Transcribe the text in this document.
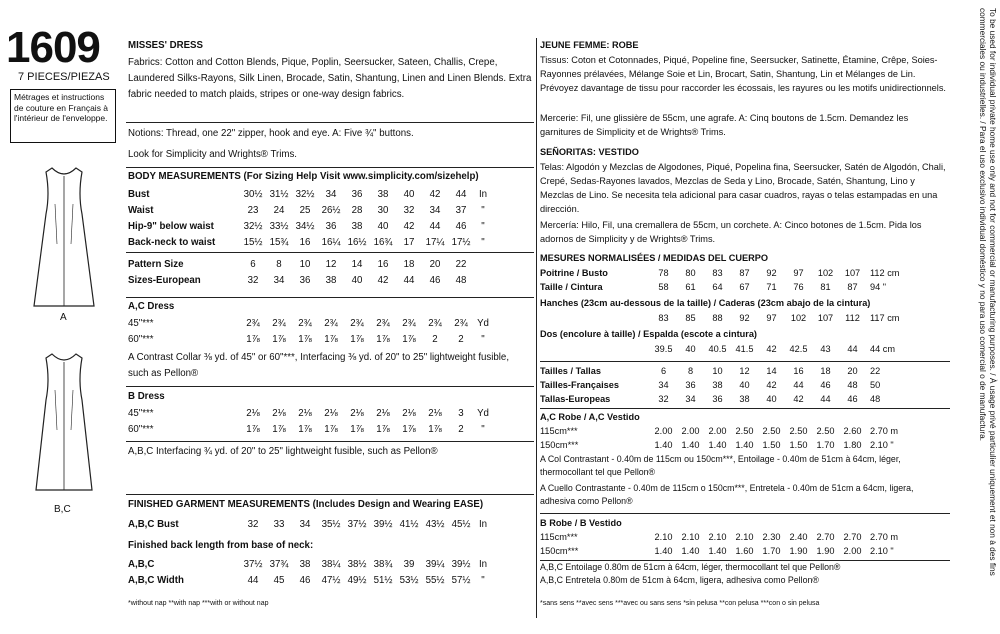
1609
7 PIECES/PIEZAS
Métrages et instructions de couture en Français à l'intérieur de l'enveloppe.
A
B,C
MISSES' DRESS
Fabrics: Cotton and Cotton Blends, Pique, Poplin, Seersucker, Sateen, Challis, Crepe, Laundered Silks-Rayons, Silk Linen, Brocade, Satin, Shantung, Linen and Linen Blends. Extra fabric needed to match plaids, stripes or one-way design fabrics.
Notions: Thread, one 22" zipper, hook and eye. A: Five ¾" buttons.
Look for Simplicity and Wrights® Trims.
BODY MEASUREMENTS (For Sizing Help Visit www.simplicity.com/sizehelp)
Bust	30½	31½	32½	34	36	38	40	42	44	In
Waist	23	24	25	26½	28	30	32	34	37	"
Hip-9" below waist	32½	33½	34½	36	38	40	42	44	46	"
Back-neck to waist	15½	15¾	16	16¼	16½	16¾	17	17¼	17½	"
Pattern Size	6	8	10	12	14	16	18	20	22	
Sizes-European	32	34	36	38	40	42	44	46	48	
A,C Dress
45"***	2¾	2¾	2¾	2¾	2¾	2¾	2¾	2¾	2¾	Yd
60"***	1⅞	1⅞	1⅞	1⅞	1⅞	1⅞	1⅞	2	2	"
A Contrast Collar ⅜ yd. of 45" or 60"***, Interfacing ⅜ yd. of 20" to 25" lightweight fusible, such as Pellon®
B Dress
45"***	2⅛	2⅛	2⅛	2⅛	2⅛	2⅛	2⅛	2⅛	3	Yd
60"***	1⅞	1⅞	1⅞	1⅞	1⅞	1⅞	1⅞	1⅞	2	"
A,B,C Interfacing ¾ yd. of 20" to 25" lightweight fusible, such as Pellon®
FINISHED GARMENT MEASUREMENTS (Includes Design and Wearing EASE)
A,B,C Bust	32	33	34	35½	37½	39½	41½	43½	45½	In
Finished back length from base of neck:
A,B,C	37½	37¾	38	38¼	38½	38¾	39	39¼	39½	In
A,B,C Width	44	45	46	47½	49½	51½	53½	55½	57½	"
*without nap **with nap ***with or without nap
JEUNE FEMME: ROBE
Tissus: Coton et Cotonnades, Piqué, Popeline fine, Seersucker, Satinette, Étamine, Crêpe, Soies-Rayonnes prélavées, Mélange Soie et Lin, Brocart, Satin, Shantung, Lin et Mélanges de Lin. Prévoyez davantage de tissu pour raccorder les écossais, les rayures ou les motifs unidirectionnels.
Mercerie: Fil, une glissière de 55cm, une agrafe. A: Cinq boutons de 1.5cm. Demandez les garnitures de Simplicity et de Wrights® Trims.
SEÑORITAS: VESTIDO
Telas: Algodón y Mezclas de Algodones, Piqué, Popelina fina, Seersucker, Satén de Algodón, Chali, Crepé, Sedas-Rayones lavados, Mezclas de Seda y Lino, Brocade, Satén, Shantung, Lino y Mezclas de Lino. Se necesita tela adicional para casar cuadros, rayas o telas estampadas en una dirección.
Mercería: Hilo, Fil, una cremallera de 55cm, un corchete. A: Cinco botones de 1.5cm. Pida los adornos de Simplicity y de Wrights® Trims.
MESURES NORMALISÉES / MEDIDAS DEL CUERPO
Poitrine / Busto	78	80	83	87	92	97	102	107	112 cm
Taille / Cintura	58	61	64	67	71	76	81	87	94 "
Hanches (23cm au-dessous de la taille) / Caderas (23cm abajo de la cintura)
	83	85	88	92	97	102	107	112	117 cm
Dos (encolure à taille) / Espalda (escote a cintura)
	39.5	40	40.5	41.5	42	42.5	43	44	44 cm
Tailles / Tallas	6	8	10	12	14	16	18	20	22
Tailles-Françaises	34	36	38	40	42	44	46	48	50
Tallas-Europeas	32	34	36	38	40	42	44	46	48
A,C Robe / A,C Vestido
115cm***	2.00	2.00	2.00	2.50	2.50	2.50	2.50	2.60	2.70 m
150cm***	1.40	1.40	1.40	1.40	1.50	1.50	1.70	1.80	2.10 "
A Col Contrastant - 0.40m de 115cm ou 150cm***, Entoilage - 0.40m de 51cm à 64cm, léger, thermocollant tel que Pellon®
A Cuello Contrastante - 0.40m de 115cm o 150cm***, Entretela - 0.40m de 51cm a 64cm, ligera, adhesiva como Pellon®
B Robe / B Vestido
115cm***	2.10	2.10	2.10	2.10	2.30	2.40	2.70	2.70	2.70 m
150cm***	1.40	1.40	1.40	1.60	1.70	1.90	1.90	2.00	2.10 "
A,B,C Entoilage 0.80m de 51cm à 64cm, léger, thermocollant tel que Pellon®
A,B,C Entretela 0.80m de 51cm à 64cm, ligera, adhesiva como Pellon®
*sans sens **avec sens ***avec ou sans sens *sin pelusa **con pelusa ***con o sin pelusa
To be used for individual private home use only and not for commercial or manufacturing purposes. / À usage privé particulier uniquement et non à des fins commerciales ou industrielles. / Para el uso exclusivo individual doméstico y no para uso comercial o de manufactura.
